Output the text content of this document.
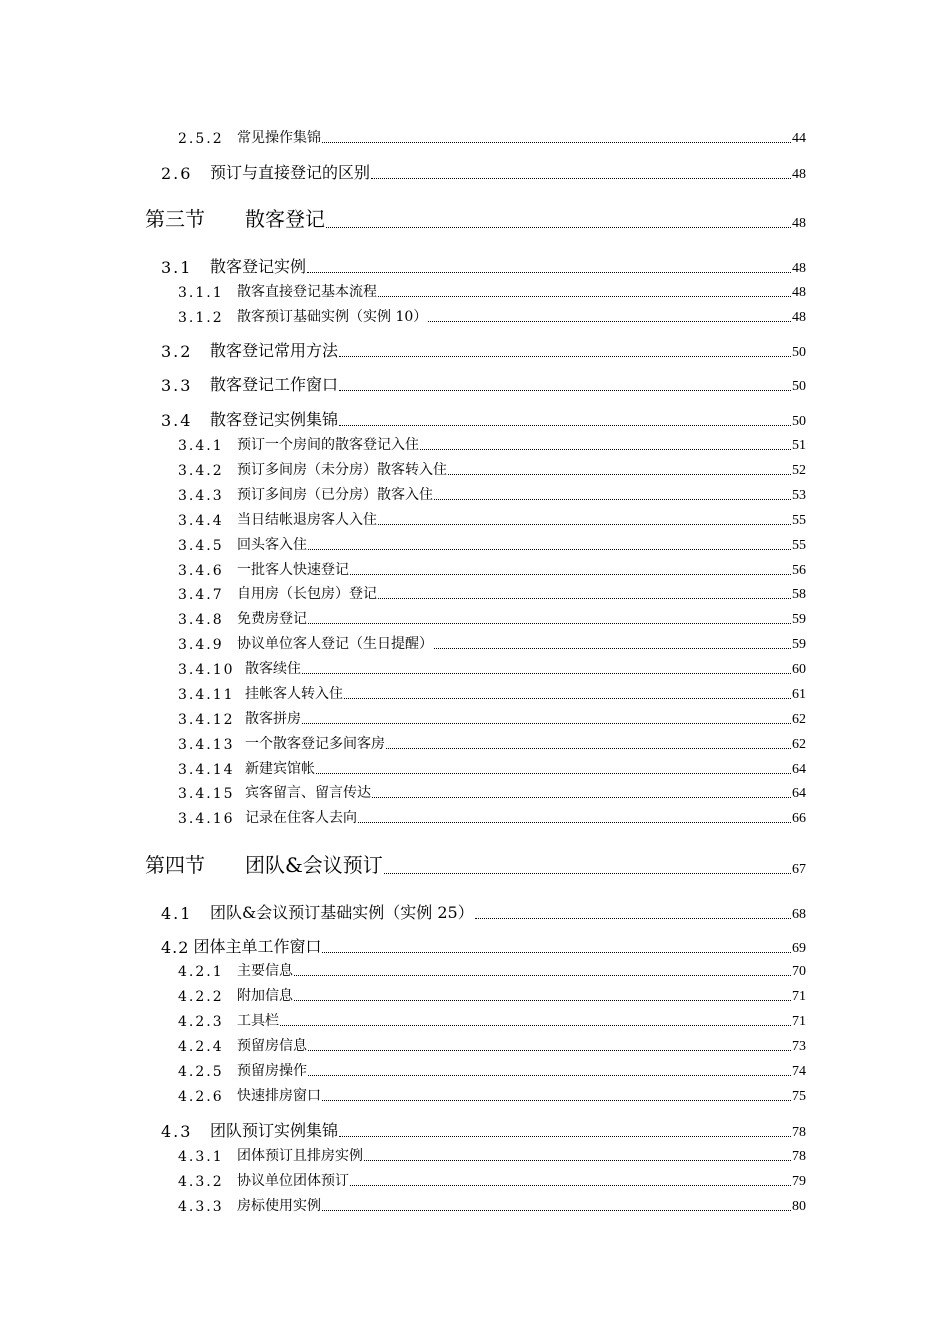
2.5.2 常见操作集锦	44
2.6	预订与直接登记的区别	48
第三节	散客登记	48
3.1	散客登记实例	48
3.1.1 散客直接登记基本流程	48
3.1.2 散客预订基础实例（实例 10）	48
3.2	散客登记常用方法	50
3.3	散客登记工作窗口	50
3.4	散客登记实例集锦	50
3.4.1 预订一个房间的散客登记入住	51
3.4.2 预订多间房（未分房）散客转入住	52
3.4.3 预订多间房（已分房）散客入住	53
3.4.4 当日结帐退房客人入住	55
3.4.5 回头客入住	55
3.4.6 一批客人快速登记	56
3.4.7 自用房（长包房）登记	58
3.4.8 免费房登记	59
3.4.9 协议单位客人登记（生日提醒）	59
3.4.10 散客续住	60
3.4.11 挂帐客人转入住	61
3.4.12 散客拼房	62
3.4.13 一个散客登记多间客房	62
3.4.14 新建宾馆帐	64
3.4.15 宾客留言、留言传达	64
3.4.16 记录在住客人去向	66
第四节	团队&会议预订	67
4.1	团队&会议预订基础实例（实例 25）	68
4.2 团体主单工作窗口	69
4.2.1 主要信息	70
4.2.2 附加信息	71
4.2.3 工具栏	71
4.2.4 预留房信息	73
4.2.5 预留房操作	74
4.2.6 快速排房窗口	75
4.3	团队预订实例集锦	78
4.3.1 团体预订且排房实例	78
4.3.2 协议单位团体预订	79
4.3.3 房标使用实例	80
